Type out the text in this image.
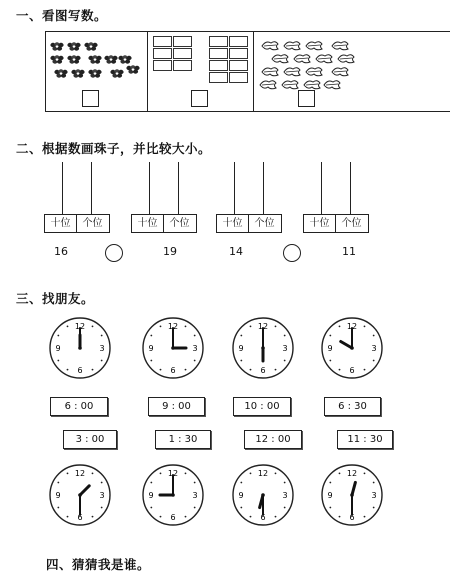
一、看图写数。
二、根据数画珠子，并比较大小。
十位	个位	十位	个位	十位	个位	十位	个位
16	19	14	11
三、找朋友。
12
3
6
9
12
3
6
9
12
3
6
9
12
3
6
9
12
3
6
9
12
3
6
9
12
3
6
9
12
3
6
9
6 : 00	9 : 00	10 : 00	6 : 30
3 : 00	1 : 30	12 : 00	11 : 30
四、猜猜我是谁。
